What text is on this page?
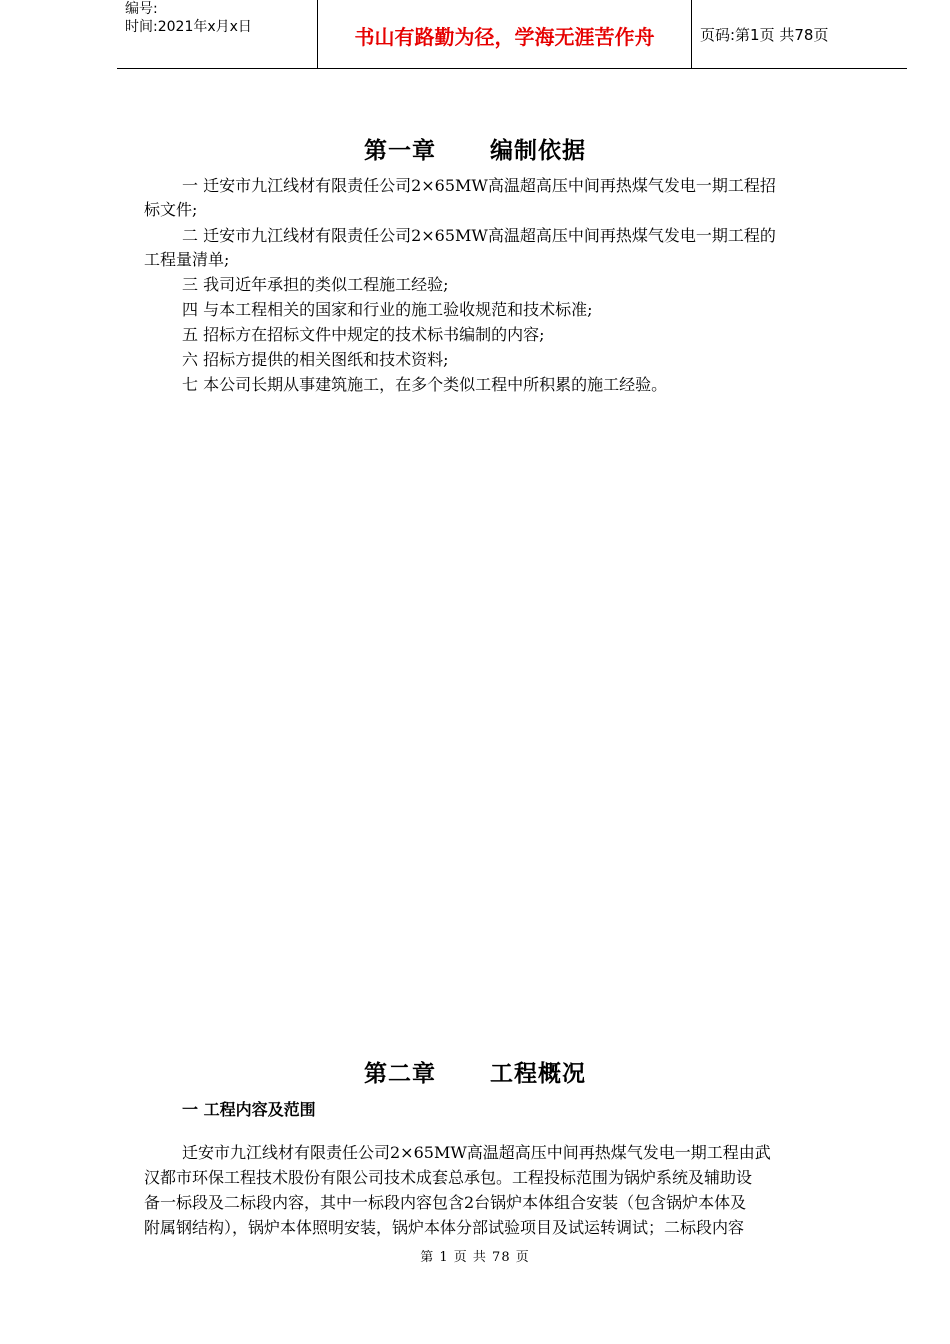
编号:
时间:2021年x月x日	书山有路勤为径，学海无涯苦作舟	页码:第1页 共78页
第一章 编制依据
一 迁安市九江线材有限责任公司2×65MW高温超高压中间再热煤气发电一期工程招
标文件;
二 迁安市九江线材有限责任公司2×65MW高温超高压中间再热煤气发电一期工程的
工程量清单;
三 我司近年承担的类似工程施工经验;
四 与本工程相关的国家和行业的施工验收规范和技术标准;
五 招标方在招标文件中规定的技术标书编制的内容;
六 招标方提供的相关图纸和技术资料;
七 本公司长期从事建筑施工，在多个类似工程中所积累的施工经验。
第二章 工程概况
一 工程内容及范围
迁安市九江线材有限责任公司2×65MW高温超高压中间再热煤气发电一期工程由武
汉都市环保工程技术股份有限公司技术成套总承包。工程投标范围为锅炉系统及辅助设
备一标段及二标段内容，其中一标段内容包含2台锅炉本体组合安装（包含锅炉本体及
附属钢结构），锅炉本体照明安装，锅炉本体分部试验项目及试运转调试；二标段内容
第 1 页 共 78 页
